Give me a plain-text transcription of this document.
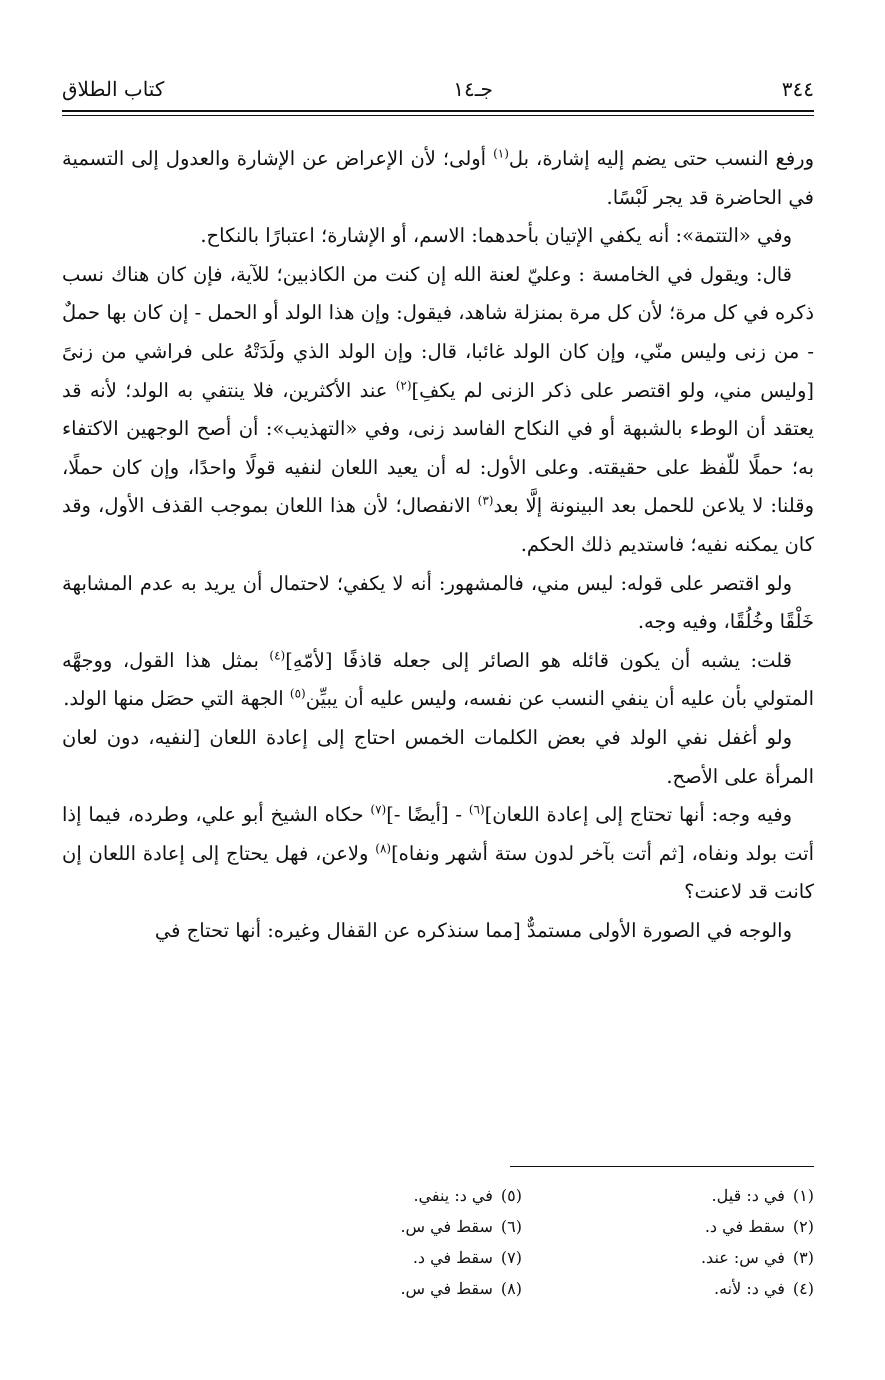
٣٤٤
جـ١٤
كتاب الطلاق

ورفع النسب حتى يضم إليه إشارة، بل$^{(١)}$ أولى؛ لأن الإعراض عن الإشارة والعدول إلى التسمية في الحاضرة قد يجر لَبْسًا.

وفي «التتمة»: أنه يكفي الإتيان بأحدهما: الاسم، أو الإشارة؛ اعتبارًا بالنكاح.

قال: ويقول في الخامسة : وعليّ لعنة الله إن كنت من الكاذبين؛ للآية، فإن كان هناك نسب ذكره في كل مرة؛ لأن كل مرة بمنزلة شاهد، فيقول: وإن هذا الولد أو الحمل - إن كان بها حملٌ - من زنى وليس منّي، وإن كان الولد غائبا، قال: وإن الولد الذي ولَدَتْهُ على فراشي من زنىً [وليس مني، ولو اقتصر على ذكر الزنى لم يكفِ]$^{(٢)}$ عند الأكثرين، فلا ينتفي به الولد؛ لأنه قد يعتقد أن الوطء بالشبهة أو في النكاح الفاسد زنى، وفي «التهذيب»: أن أصح الوجهين الاكتفاء به؛ حملًا للّفظ على حقيقته. وعلى الأول: له أن يعيد اللعان لنفيه قولًا واحدًا، وإن كان حملًا، وقلنا: لا يلاعن للحمل بعد البينونة إلَّا بعد$^{(٣)}$ الانفصال؛ لأن هذا اللعان بموجب القذف الأول، وقد كان يمكنه نفيه؛ فاستديم ذلك الحكم.

ولو اقتصر على قوله: ليس مني، فالمشهور: أنه لا يكفي؛ لاحتمال أن يريد به عدم المشابهة خَلْقًا وخُلُقًا، وفيه وجه.

قلت: يشبه أن يكون قائله هو الصائر إلى جعله قاذفًا [لأمّهِ]$^{(٤)}$ بمثل هذا القول، ووجهَّه المتولي بأن عليه أن ينفي النسب عن نفسه، وليس عليه أن يبيِّن$^{(٥)}$ الجهة التي حصَل منها الولد.

ولو أغفل نفي الولد في بعض الكلمات الخمس احتاج إلى إعادة اللعان [لنفيه، دون لعان المرأة على الأصح.

وفيه وجه: أنها تحتاج إلى إعادة اللعان]$^{(٦)}$ - [أيضًا -]$^{(٧)}$ حكاه الشيخ أبو علي، وطرده، فيما إذا أتت بولد ونفاه، [ثم أتت بآخر لدون ستة أشهر ونفاه]$^{(٨)}$ ولاعن، فهل يحتاج إلى إعادة اللعان إن كانت قد لاعنت؟

والوجه في الصورة الأولى مستمدٌّ [مما سنذكره عن القفال وغيره: أنها تحتاج في

(١)
في د: قيل.
(٢)
سقط في د.
(٣)
في س: عند.
(٤)
في د: لأنه.
(٥)
في د: ينفي.
(٦)
سقط في س.
(٧)
سقط في د.
(٨)
سقط في س.
